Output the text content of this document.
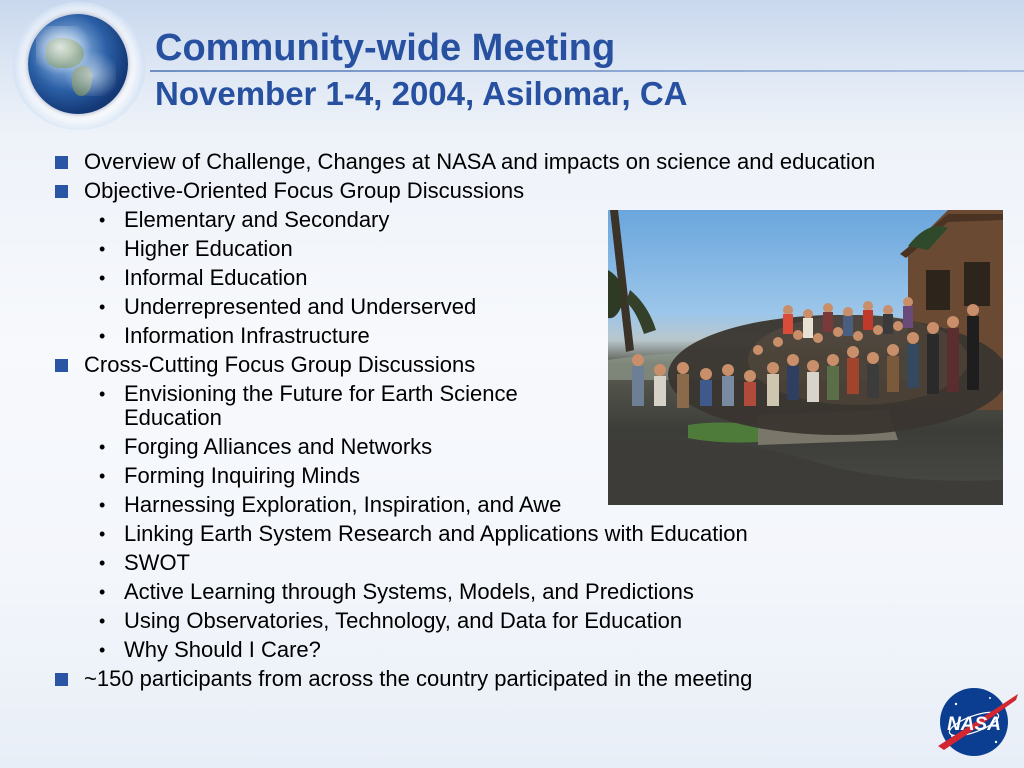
Community-wide Meeting
November 1-4, 2004, Asilomar, CA
Overview of Challenge, Changes at NASA and impacts on science and education
Objective-Oriented Focus Group Discussions
• Elementary and Secondary
• Higher Education
• Informal Education
• Underrepresented and Underserved
• Information Infrastructure
Cross-Cutting Focus Group Discussions
• Envisioning the Future for Earth Science Education
• Forging Alliances and Networks
• Forming Inquiring Minds
• Harnessing Exploration, Inspiration, and Awe
• Linking Earth System Research and Applications with Education
• SWOT
• Active Learning through Systems, Models, and Predictions
• Using Observatories, Technology, and Data for Education
• Why Should I Care?
~150 participants from across the country participated in the meeting
NASA
